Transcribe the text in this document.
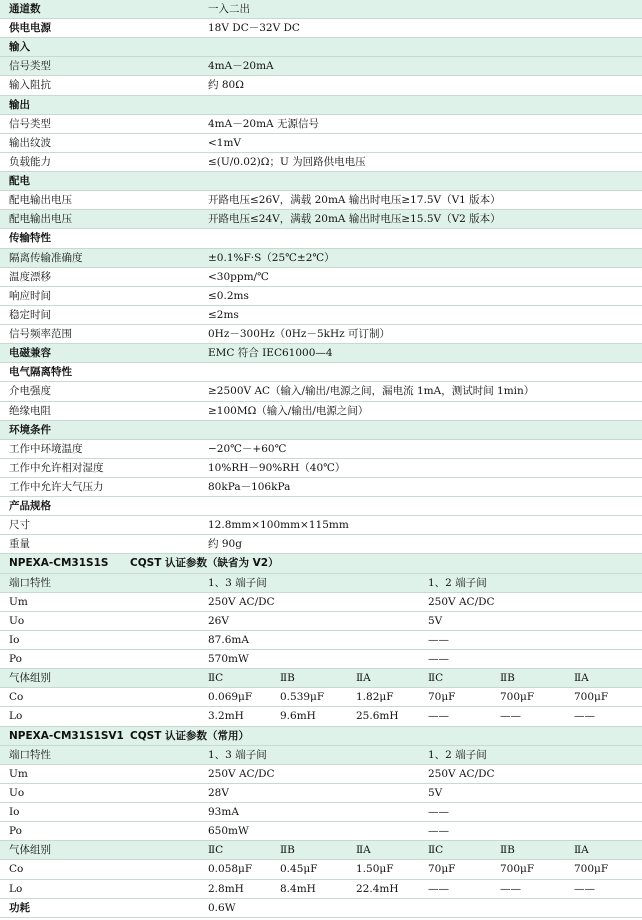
通道数	一入二出
供电电源	18V DC－32V DC
输入
信号类型	4mA－20mA
输入阻抗	约 80Ω
输出
信号类型	4mA－20mA 无源信号
输出纹波	<1mV
负载能力	≤(U/0.02)Ω；U 为回路供电电压
配电
配电输出电压	开路电压≤26V，满载 20mA 输出时电压≥17.5V（V1 版本）
配电输出电压	开路电压≤24V，满载 20mA 输出时电压≥15.5V（V2 版本）
传输特性
隔离传输准确度	±0.1%F·S（25℃±2℃）
温度漂移	<30ppm/℃
响应时间	≤0.2ms
稳定时间	≤2ms
信号频率范围	0Hz－300Hz（0Hz－5kHz 可订制）
电磁兼容	EMC 符合 IEC61000—4
电气隔离特性
介电强度	≥2500V AC（输入/输出/电源之间，漏电流 1mA，测试时间 1min）
绝缘电阻	≥100MΩ（输入/输出/电源之间）
环境条件
工作中环境温度	−20℃－+60℃
工作中允许相对湿度	10%RH－90%RH（40℃）
工作中允许大气压力	80kPa－106kPa
产品规格
尺寸	12.8mm×100mm×115mm
重量	约 90g
NPEXA-CM31S1S CQST 认证参数（缺省为 V2）
端口特性	1、3 端子间	1、2 端子间
Um	250V AC/DC	250V AC/DC
Uo	26V	5V
Io	87.6mA	——
Po	570mW	——
气体组别	ⅡC	ⅡB	ⅡA	ⅡC	ⅡB	ⅡA
Co	0.069μF	0.539μF	1.82μF	70μF	700μF	700μF
Lo	3.2mH	9.6mH	25.6mH	——	——	——
NPEXA-CM31S1SV1 CQST 认证参数（常用）
端口特性	1、3 端子间	1、2 端子间
Um	250V AC/DC	250V AC/DC
Uo	28V	5V
Io	93mA	——
Po	650mW	——
气体组别	ⅡC	ⅡB	ⅡA	ⅡC	ⅡB	ⅡA
Co	0.058μF	0.45μF	1.50μF	70μF	700μF	700μF
Lo	2.8mH	8.4mH	22.4mH	——	——	——
功耗	0.6W
